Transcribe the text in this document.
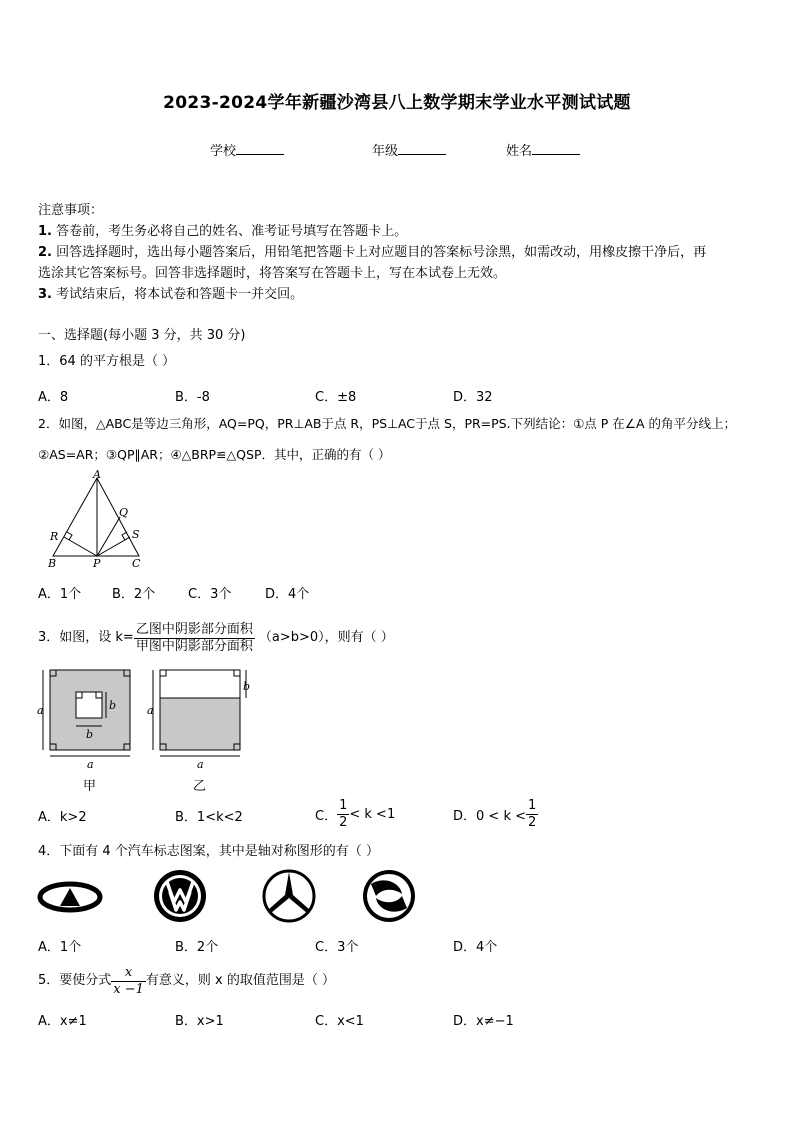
2023-2024学年新疆沙湾县八上数学期末学业水平测试试题
学校	年级	姓名
注意事项：
1. 答卷前，考生务必将自己的姓名、准考证号填写在答题卡上。
2. 回答选择题时，选出每小题答案后，用铅笔把答题卡上对应题目的答案标号涂黑，如需改动，用橡皮擦干净后，再
选涂其它答案标号。回答非选择题时，将答案写在答题卡上，写在本试卷上无效。
3. 考试结束后，将本试卷和答题卡一并交回。
一、选择题(每小题 3 分，共 30 分)
1．64 的平方根是（ ）
A．8	B．-8	C．±8	D．32
2．如图，△ABC是等边三角形，AQ=PQ，PR⊥AB于点 R，PS⊥AC于点 S，PR=PS.下列结论：①点 P 在∠A 的角平分线上；
②AS=AR；③QP∥AR；④△BRP≌△QSP．其中，正确的有（ ）
A
Q
R	S
B	P	C
A．1个 B．2个	C．3个	D．4个
3．如图，设 $k= \frac{\text{乙图中阴影部分面积}}{\text{甲图中阴影部分面积}} (a>b>0)$，则有（ ）
a
a
b
b
甲
a
a
b
乙
A．k>2	B．1<k<2	C． $\frac{1}{2} < k <1$	D．$0 < k < \frac{1}{2}$
4．下面有 4 个汽车标志图案，其中是轴对称图形的有（ ）
A．1个	B．2个	C．3个	D．4个
5．要使分式 $\frac{x}{x -1}$ 有意义，则 x 的取值范围是（ ）
A．x≠1	B．x>1	C．x<1	D．x≠−1
